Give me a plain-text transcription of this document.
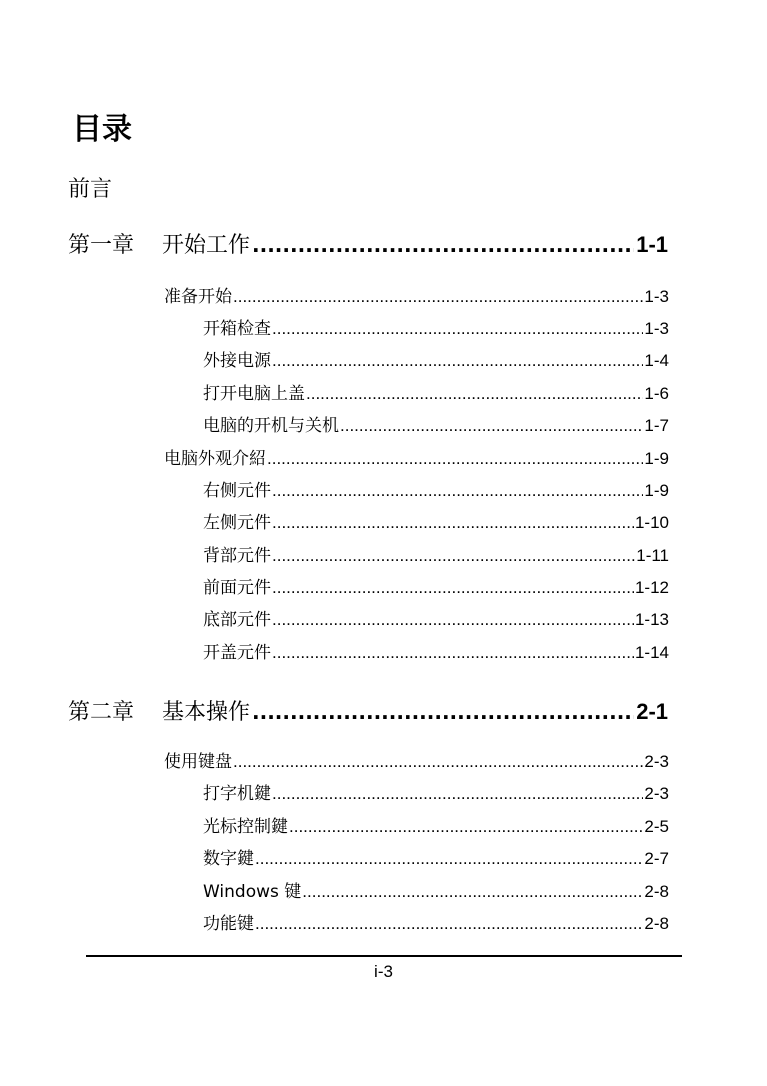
目录
前言
第一章	开始工作 .....	1-1
准备开始 .....	1-3
开箱检查 .....	1-3
外接电源 .....	1-4
打开电脑上盖 .....	1-6
电脑的开机与关机 .....	1-7
电脑外观介紹 .....	1-9
右侧元件 .....	1-9
左侧元件 .....	1-10
背部元件 .....	1-11
前面元件 .....	1-12
底部元件 .....	1-13
开盖元件 .....	1-14
第二章	基本操作 .....	2-1
使用键盘 .....	2-3
打字机鍵 .....	2-3
光标控制鍵 .....	2-5
数字鍵 .....	2-7
Windows 键 .....	2-8
功能键 .....	2-8
i-3
